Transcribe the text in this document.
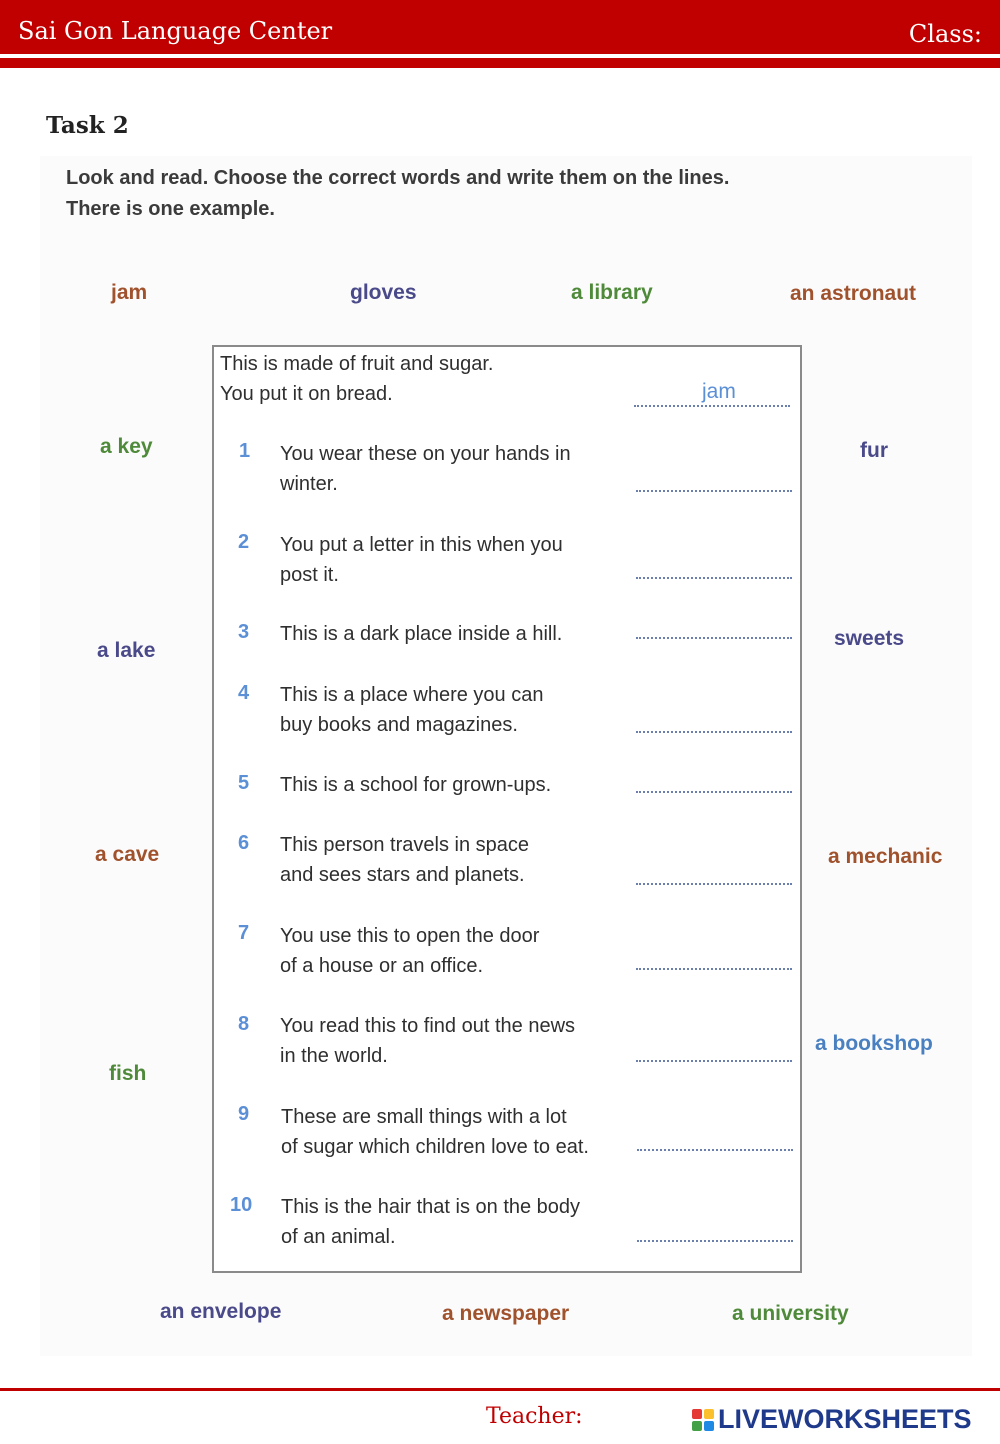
Sai Gon Language Center	Class:
Task 2
Look and read. Choose the correct words and write them on the lines.
There is one example.
jam	gloves	a library	an astronaut
a key	fur
a lake
sweets
a cave	a mechanic
fish
a bookshop
an envelope	a newspaper	a university
This is made of fruit and sugar.
You put it on bread.	jam
1 You wear these on your hands in
winter.
2 You put a letter in this when you
post it.
3 This is a dark place inside a hill.
4 This is a place where you can
buy books and magazines.
5 This is a school for grown-ups.
6 This person travels in space
and sees stars and planets.
7 You use this to open the door
of a house or an office.
8 You read this to find out the news
in the world.
9 These are small things with a lot
of sugar which children love to eat.
10 This is the hair that is on the body
of an animal.
Teacher:	LIVEWORKSHEETS
